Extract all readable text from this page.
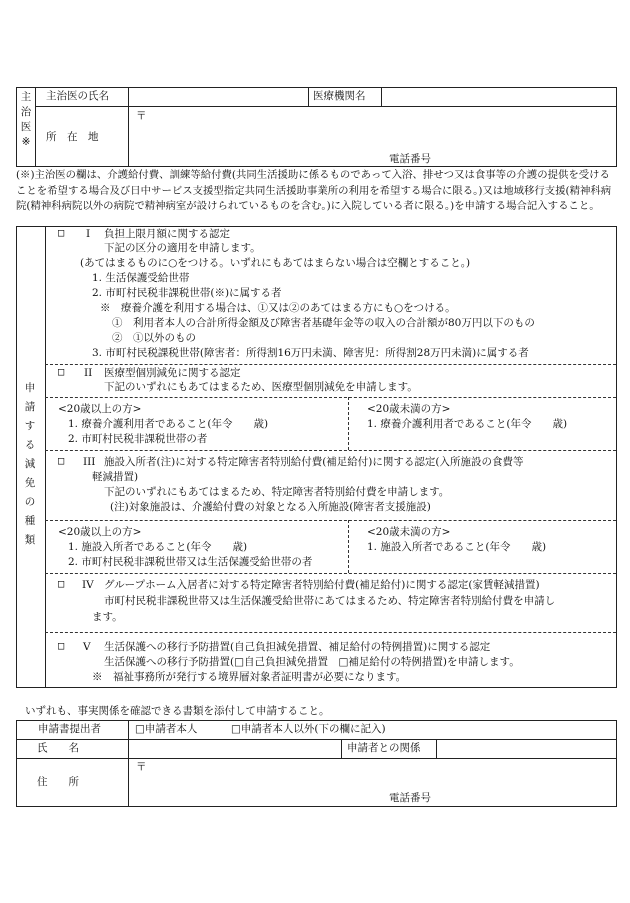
主
治
医
※
主治医の氏名	医療機関名
〒
所　在　地
電話番号
(※)主治医の欄は、介護給付費、訓練等給付費(共同生活援助に係るものであって入浴、排せつ又は食事等の介護の提供を受けることを希望する場合及び日中サービス支援型指定共同生活援助事業所の利用を希望する場合に限る。)又は地域移行支援(精神科病院(精神科病院以外の病院で精神病室が設けられているものを含む。)に入院している者に限る。)を申請する場合記入すること。
申
請
す
る
減
免
の
種
類
□ I 負担上限月額に関する認定
下記の区分の適用を申請します。
(あてはまるものに○をつける。いずれにもあてはまらない場合は空欄とすること。)
1. 生活保護受給世帯
2. 市町村民税非課税世帯(※)に属する者
※　療養介護を利用する場合は、①又は②のあてはまる方にも○をつける。
①　利用者本人の合計所得金額及び障害者基礎年金等の収入の合計額が80万円以下のもの
②　①以外のもの
3. 市町村民税課税世帯(障害者：所得割16万円未満、障害児：所得割28万円未満)に属する者
□ II 医療型個別減免に関する認定
下記のいずれにもあてはまるため、医療型個別減免を申請します。
<20歳以上の方>
1. 療養介護利用者であること(年令　　歳)
2. 市町村民税非課税世帯の者
<20歳未満の方>
1. 療養介護利用者であること(年令　　歳)
□ III 施設入所者(注)に対する特定障害者特別給付費(補足給付)に関する認定(入所施設の食費等
軽減措置)
下記のいずれにもあてはまるため、特定障害者特別給付費を申請します。
(注)対象施設は、介護給付費の対象となる入所施設(障害者支援施設)
<20歳以上の方>
1. 施設入所者であること(年令　　歳)
2. 市町村民税非課税世帯又は生活保護受給世帯の者
<20歳未満の方>
1. 施設入所者であること(年令　　歳)
□ IV グループホーム入居者に対する特定障害者特別給付費(補足給付)に関する認定(家賃軽減措置)
市町村民税非課税世帯又は生活保護受給世帯にあてはまるため、特定障害者特別給付費を申請し
ます。
□ V 生活保護への移行予防措置(自己負担減免措置、補足給付の特例措置)に関する認定
生活保護への移行予防措置(□自己負担減免措置　□補足給付の特例措置)を申請します。
※　福祉事務所が発行する境界層対象者証明書が必要になります。
いずれも、事実関係を確認できる書類を添付して申請すること。
申請書提出者	□申請者本人	□申請者本人以外(下の欄に記入)
氏　　名	申請者との関係
〒
住　　所
電話番号
